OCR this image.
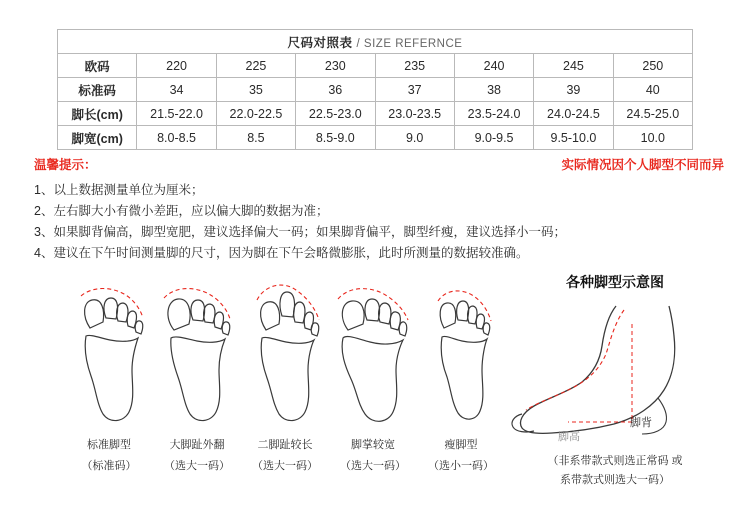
尺码对照表 / SIZE REFERNCE							
欧码	220	225	230	235	240	245	250
标准码	34	35	36	37	38	39	40
脚长(cm)	21.5-22.0	22.0-22.5	22.5-23.0	23.0-23.5	23.5-24.0	24.0-24.5	24.5-25.0
脚宽(cm)	8.0-8.5	8.5	8.5-9.0	9.0	9.0-9.5	9.5-10.0	10.0
温馨提示：	实际情况因个人脚型不同而异
1、以上数据测量单位为厘米；
2、左右脚大小有微小差距，应以偏大脚的数据为准；
3、如果脚背偏高，脚型宽肥，建议选择偏大一码；如果脚背偏平，脚型纤瘦，建议选择小一码；
4、建议在下午时间测量脚的尺寸，因为脚在下午会略微膨胀，此时所测量的数据较准确。
标准脚型
（标准码）
大脚趾外翻
（选大一码）
二脚趾较长
（选大一码）
脚掌较宽
（选大一码）
瘦脚型
（选小一码）
各种脚型示意图
脚背
脚高
（非系带款式则选正常码 或
系带款式则选大一码）
